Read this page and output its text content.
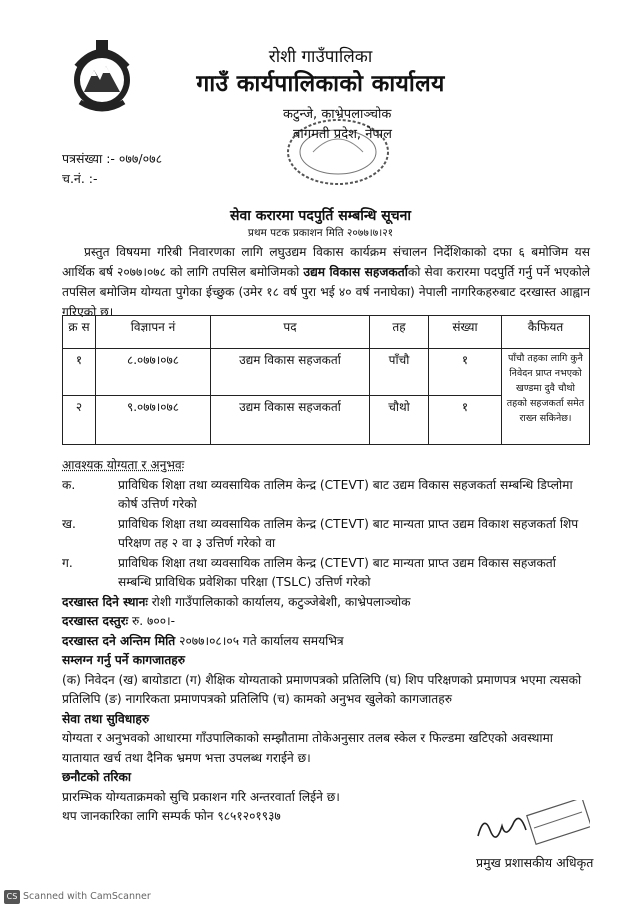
रोशी गाउँपालिका
गाउँ कार्यपालिकाको कार्यालय
कटुन्जे, काभ्रेपलाञ्चोक
बागमती प्रदेश, नेपाल
पत्रसंख्या :- ०७७/०७८
च.नं. :-
सेवा करारमा पदपुर्ति सम्बन्धि सूचना
प्रथम पटक प्रकाशन मिति २०७७।७।२१
प्रस्तुत विषयमा गरिबी निवारणका लागि लघुउद्यम विकास कार्यक्रम संचालन निर्देशिकाको दफा ६ बमोजिम यस आर्थिक बर्ष २०७७।०७८ को लागि तपसिल बमोजिमको उद्यम विकास सहजकर्ताको सेवा करारमा पदपुर्ति गर्नु पर्ने भएकोले तपसिल बमोजिम योग्यता पुगेका ईच्छुक (उमेर १८ वर्ष पुरा भई ४० वर्ष ननाघेका) नेपाली नागरिकहरुबाट दरखास्त आह्वान गरिएको छ।
क्र स	विज्ञापन नं	पद	तह	संख्या	कैफियत
१	८.०७७।०७८	उद्यम विकास सहजकर्ता	पाँचौ	१	पाँचौ तहका लागि कुनै निवेदन प्राप्त नभएको खण्डमा दुवै चौथो तहको सहजकर्ता समेत राख्न सकिनेछ।
२	९.०७७।०७८	उद्यम विकास सहजकर्ता	चौथो	१	
आवश्यक योग्यता र अनुभवः
क.	प्राविधिक शिक्षा तथा व्यवसायिक तालिम केन्द्र (CTEVT) बाट उद्यम विकास सहजकर्ता सम्बन्धि डिप्लोमा कोर्ष उत्तिर्ण गरेको
ख.	प्राविधिक शिक्षा तथा व्यवसायिक तालिम केन्द्र (CTEVT) बाट मान्यता प्राप्त उद्यम विकाश सहजकर्ता शिप परिक्षण तह २ वा ३ उत्तिर्ण गरेको वा
ग.	प्राविधिक शिक्षा तथा व्यवसायिक तालिम केन्द्र (CTEVT) बाट मान्यता प्राप्त उद्यम विकास सहजकर्ता सम्बन्धि प्राविधिक प्रवेशिका परिक्षा (TSLC) उत्तिर्ण गरेको
दरखास्त दिने स्थानः रोशी गाउँपालिकाको कार्यालय, कटुञ्जेबेशी, काभ्रेपलाञ्चोक
दरखास्त दस्तुरः रु. ७००।-
दरखास्त दने अन्तिम मिति २०७७।०८।०५ गते कार्यालय समयभित्र
सम्लग्न गर्नु पर्ने कागजातहरु
(क) निवेदन (ख) बायोडाटा (ग) शैक्षिक योग्यताको प्रमाणपत्रको प्रतिलिपि (घ) शिप परिक्षणको प्रमाणपत्र भएमा त्यसको प्रतिलिपि (ङ) नागरिकता प्रमाणपत्रको प्रतिलिपि (च) कामको अनुभव खुलेको कागजातहरु
सेवा तथा सुविधाहरु
योग्यता र अनुभवको आधारमा गाँउपालिकाको सम्झौतामा तोकेअनुसार तलब स्केल र फिल्डमा खटिएको अवस्थामा यातायात खर्च तथा दैनिक भ्रमण भत्ता उपलब्ध गराईने छ।
छनौटको तरिका
प्रारम्भिक योग्यताक्रमको सुचि प्रकाशन गरि अन्तरवार्ता लिईने छ।
थप जानकारिका लागि सम्पर्क फोन ९८५१२०१९३७
प्रमुख प्रशासकीय अधिकृत
CS Scanned with CamScanner
